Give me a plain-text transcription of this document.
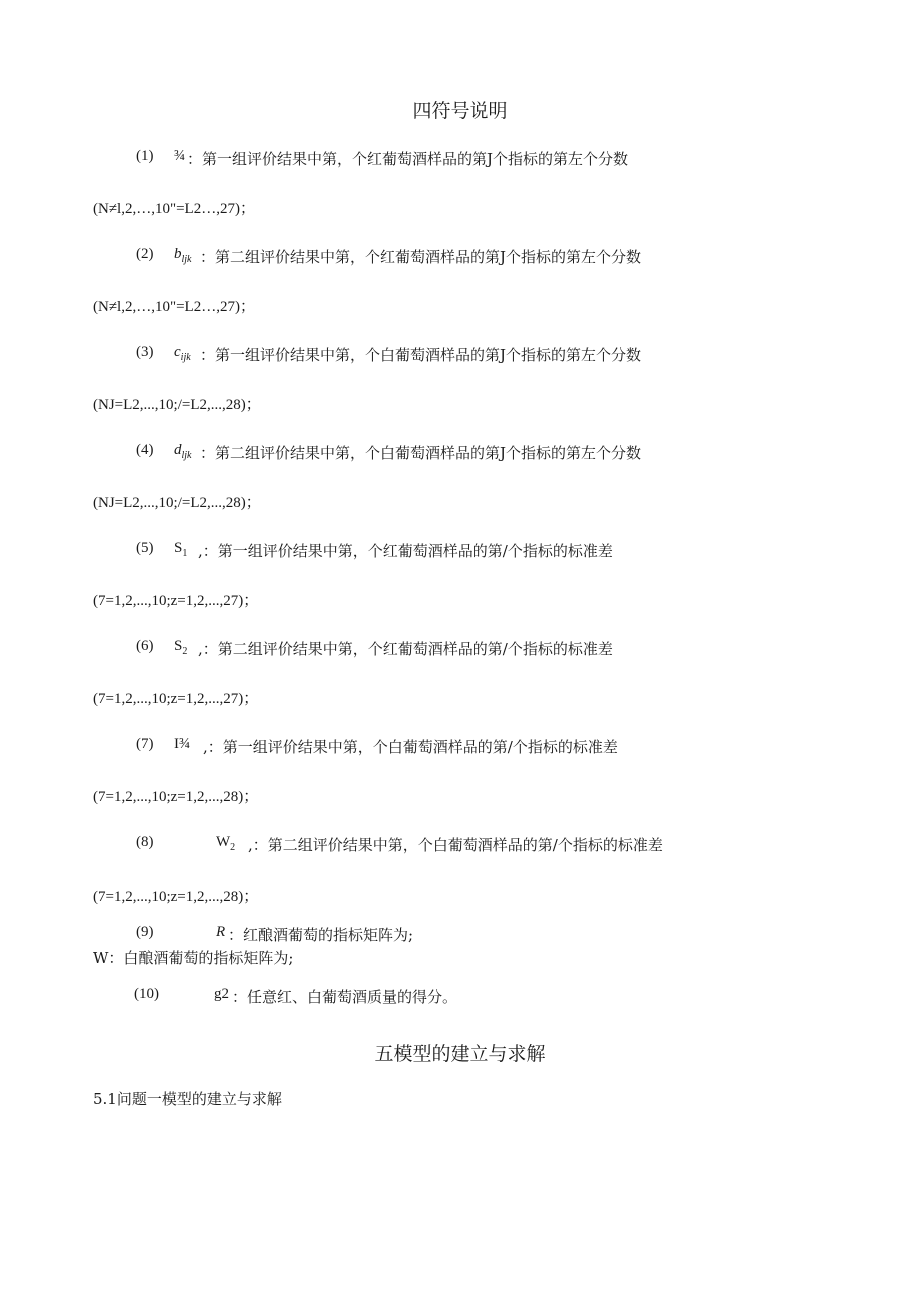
四符号说明
(1) ¾ ：第一组评价结果中第，个红葡萄酒样品的第J个指标的第左个分数
(N≠l,2,…,10"=L2…,27)；
(2) $b_{ljk}$ ：第二组评价结果中第，个红葡萄酒样品的第J个指标的第左个分数
(N≠l,2,…,10"=L2…,27)；
(3) $c_{ijk}$ ：第一组评价结果中第，个白葡萄酒样品的第J个指标的第左个分数
(NJ=L2,...,10;/=L2,...,28)；
(4) $d_{ljk}$ ：第二组评价结果中第，个白葡萄酒样品的第J个指标的第左个分数
(NJ=L2,...,10;/=L2,...,28)；
(5) $S_1$ ,：第一组评价结果中第，个红葡萄酒样品的第/个指标的标准差
(7=1,2,...,10;z=1,2,...,27)；
(6) $S_2$ ,：第二组评价结果中第，个红葡萄酒样品的第/个指标的标准差
(7=1,2,...,10;z=1,2,...,27)；
(7) I¾ ,：第一组评价结果中第，个白葡萄酒样品的第/个指标的标准差
(7=1,2,...,10;z=1,2,...,28)；
(8)	$W_2$ ,：第二组评价结果中第，个白葡萄酒样品的第/个指标的标准差
(7=1,2,...,10;z=1,2,...,28)；
(9)	R ：红酿酒葡萄的指标矩阵为;
W：白酿酒葡萄的指标矩阵为;
(10)	g2 ：任意红、白葡萄酒质量的得分。
五模型的建立与求解
5.1问题一模型的建立与求解
